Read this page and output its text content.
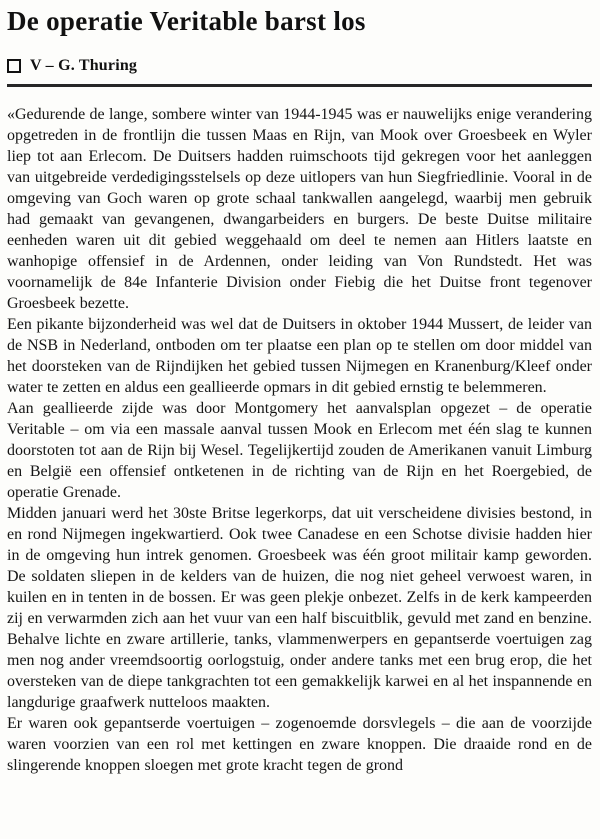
De operatie Veritable barst los
V – G. Thuring

«Gedurende de lange, sombere winter van 1944-1945 was er nauwelijks enige verandering opgetreden in de frontlijn die tussen Maas en Rijn, van Mook over Groesbeek en Wyler liep tot aan Erlecom. De Duitsers hadden ruimschoots tijd gekregen voor het aanleggen van uitgebreide verdedigingsstelsels op deze uitlopers van hun Siegfriedlinie. Vooral in de omgeving van Goch waren op grote schaal tankwallen aangelegd, waarbij men gebruik had gemaakt van gevangenen, dwangarbeiders en burgers. De beste Duitse militaire eenheden waren uit dit gebied weggehaald om deel te nemen aan Hitlers laatste en wanhopige offensief in de Ardennen, onder leiding van Von Rundstedt. Het was voornamelijk de 84e Infanterie Division onder Fiebig die het Duitse front tegenover Groesbeek bezette.

Een pikante bijzonderheid was wel dat de Duitsers in oktober 1944 Mussert, de leider van de NSB in Nederland, ontboden om ter plaatse een plan op te stellen om door middel van het doorsteken van de Rijndijken het gebied tussen Nijmegen en Kranenburg/Kleef onder water te zetten en aldus een geallieerde opmars in dit gebied ernstig te belemmeren.

Aan geallieerde zijde was door Montgomery het aanvalsplan opgezet – de operatie Veritable – om via een massale aanval tussen Mook en Erlecom met één slag te kunnen doorstoten tot aan de Rijn bij Wesel. Tegelijkertijd zouden de Amerikanen vanuit Limburg en België een offensief ontketenen in de richting van de Rijn en het Roergebied, de operatie Grenade.

Midden januari werd het 30ste Britse legerkorps, dat uit verscheidene divisies bestond, in en rond Nijmegen ingekwartierd. Ook twee Canadese en een Schotse divisie hadden hier in de omgeving hun intrek genomen. Groesbeek was één groot militair kamp geworden. De soldaten sliepen in de kelders van de huizen, die nog niet geheel verwoest waren, in kuilen en in tenten in de bossen. Er was geen plekje onbezet. Zelfs in de kerk kampeerden zij en verwarmden zich aan het vuur van een half biscuitblik, gevuld met zand en benzine. Behalve lichte en zware artillerie, tanks, vlammenwerpers en gepantserde voertuigen zag men nog ander vreemdsoortig oorlogstuig, onder andere tanks met een brug erop, die het oversteken van de diepe tankgrachten tot een gemakkelijk karwei en al het inspannende en langdurige graafwerk nutteloos maakten.

Er waren ook gepantserde voertuigen – zogenoemde dorsvlegels – die aan de voorzijde waren voorzien van een rol met kettingen en zware knoppen. Die draaide rond en de slingerende knoppen sloegen met grote kracht tegen de grond
